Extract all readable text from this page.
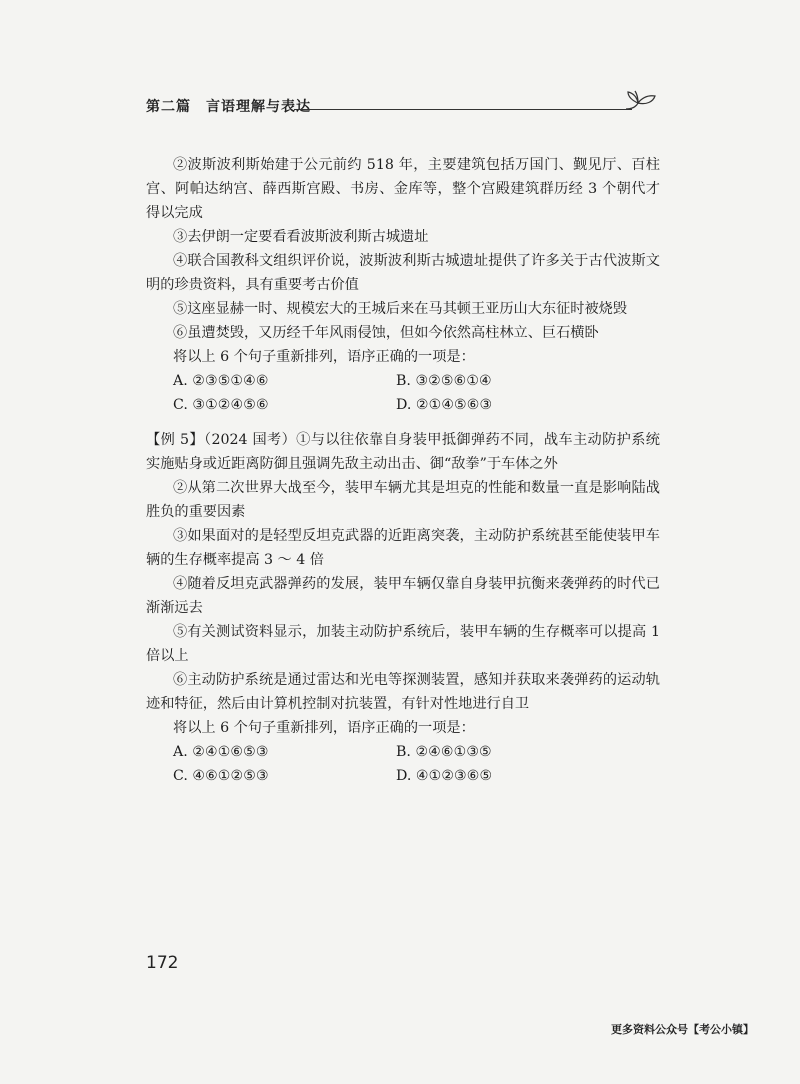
第二篇　言语理解与表达

②波斯波利斯始建于公元前约 518 年，主要建筑包括万国门、觐见厅、百柱宫、阿帕达纳宫、薛西斯宫殿、书房、金库等，整个宫殿建筑群历经 3 个朝代才得以完成

③去伊朗一定要看看波斯波利斯古城遗址

④联合国教科文组织评价说，波斯波利斯古城遗址提供了许多关于古代波斯文明的珍贵资料，具有重要考古价值

⑤这座显赫一时、规模宏大的王城后来在马其顿王亚历山大东征时被烧毁

⑥虽遭焚毁，又历经千年风雨侵蚀，但如今依然高柱林立、巨石横卧

将以上 6 个句子重新排列，语序正确的一项是：

A. ②③⑤①④⑥	B. ③②⑤⑥①④
C. ③①②④⑤⑥	D. ②①④⑤⑥③

【例 5】（2024 国考）①与以往依靠自身装甲抵御弹药不同，战车主动防护系统实施贴身或近距离防御且强调先敌主动出击、御“敌拳”于车体之外

②从第二次世界大战至今，装甲车辆尤其是坦克的性能和数量一直是影响陆战胜负的重要因素

③如果面对的是轻型反坦克武器的近距离突袭，主动防护系统甚至能使装甲车辆的生存概率提高 3 ～ 4 倍

④随着反坦克武器弹药的发展，装甲车辆仅靠自身装甲抗衡来袭弹药的时代已渐渐远去

⑤有关测试资料显示，加装主动防护系统后，装甲车辆的生存概率可以提高 1 倍以上

⑥主动防护系统是通过雷达和光电等探测装置，感知并获取来袭弹药的运动轨迹和特征，然后由计算机控制对抗装置，有针对性地进行自卫

将以上 6 个句子重新排列，语序正确的一项是：

A. ②④①⑥⑤③	B. ②④⑥①③⑤
C. ④⑥①②⑤③	D. ④①②③⑥⑤
172
更多资料公众号【考公小镇】
